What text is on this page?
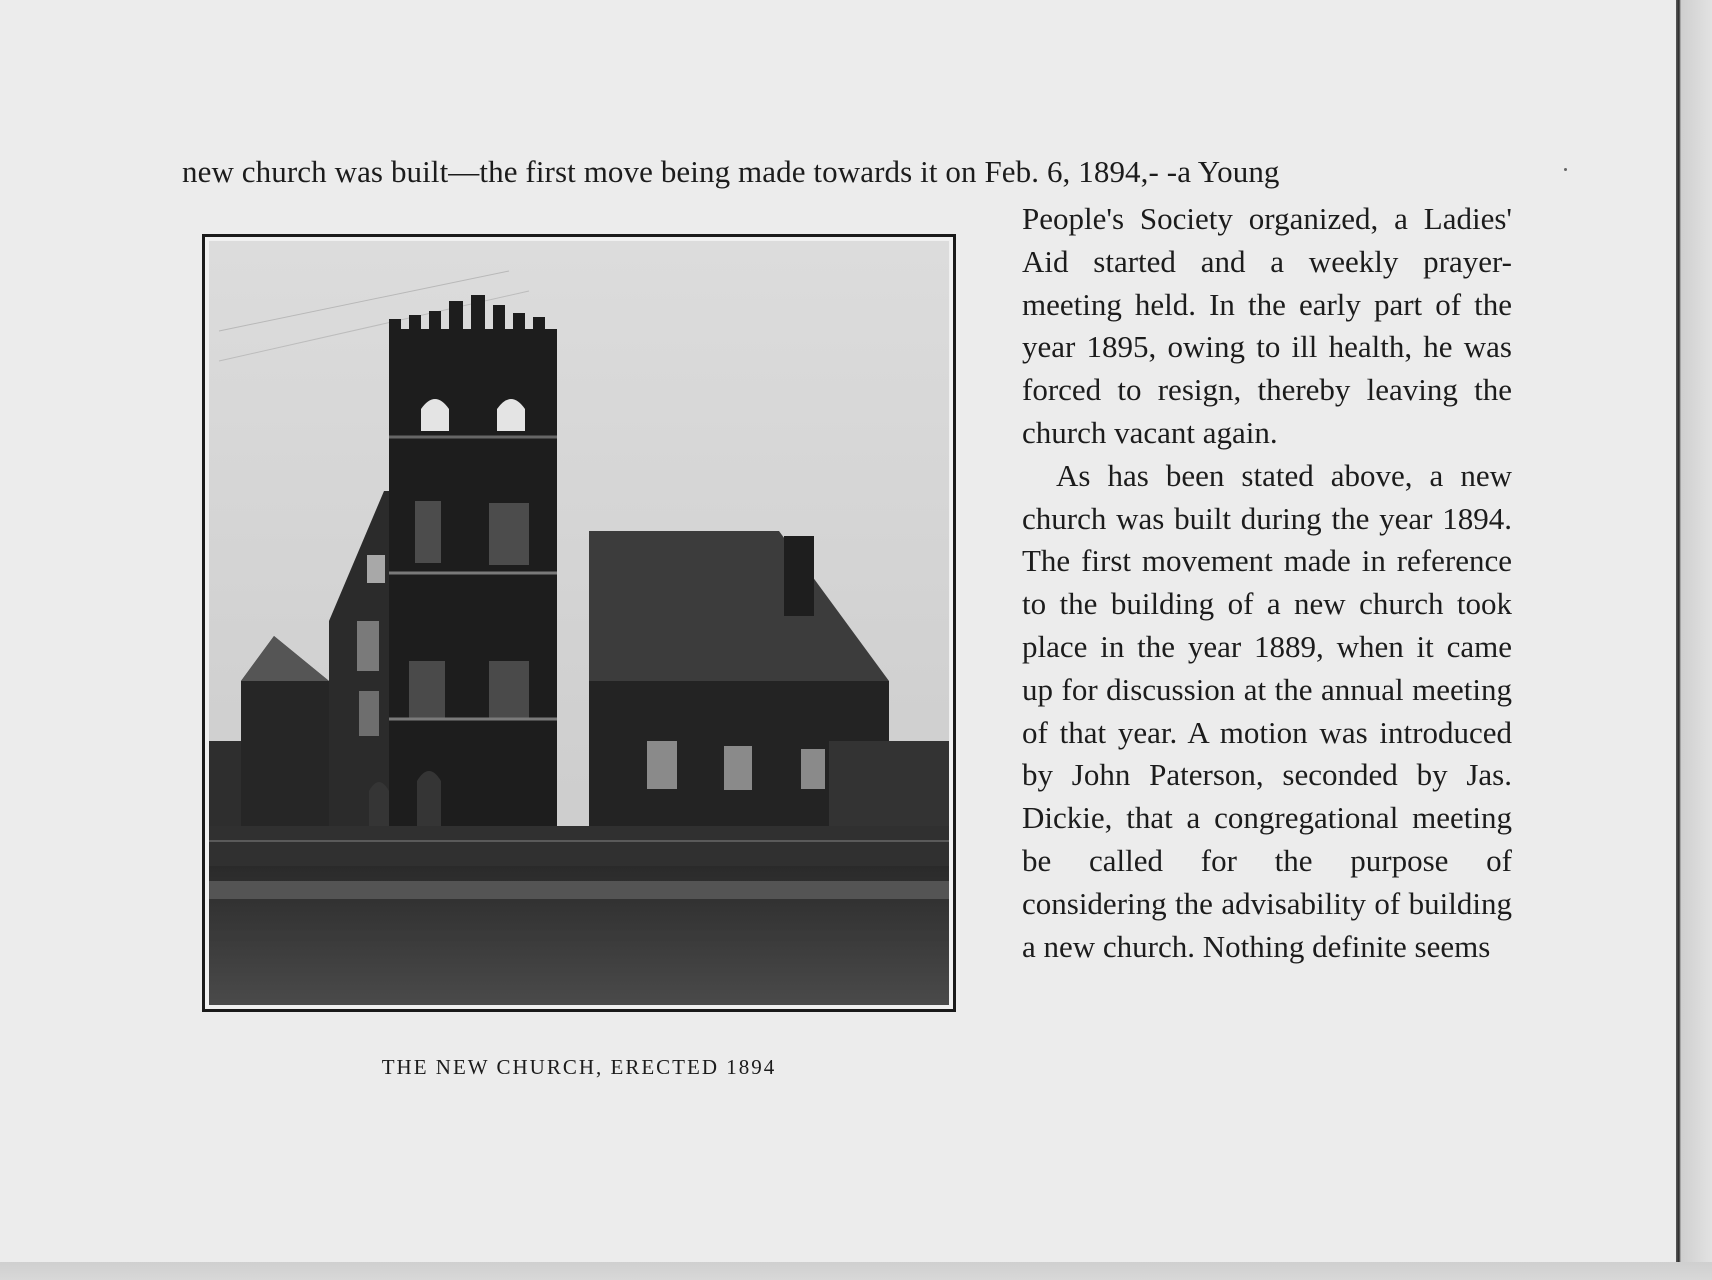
new church was built—the first move being made towards it on Feb. 6, 1894,- -a Young
THE NEW CHURCH, ERECTED 1894

People's Society organized, a Ladies' Aid started and a weekly prayer-meeting held. In the early part of the year 1895, owing to ill health, he was forced to resign, thereby leaving the church vacant again.

As has been stated above, a new church was built during the year 1894. The first movement made in reference to the building of a new church took place in the year 1889, when it came up for discussion at the annual meeting of that year. A motion was introduced by John Paterson, seconded by Jas. Dickie, that a congregational meeting be called for the purpose of considering the advisability of building a new church. Nothing definite seems
